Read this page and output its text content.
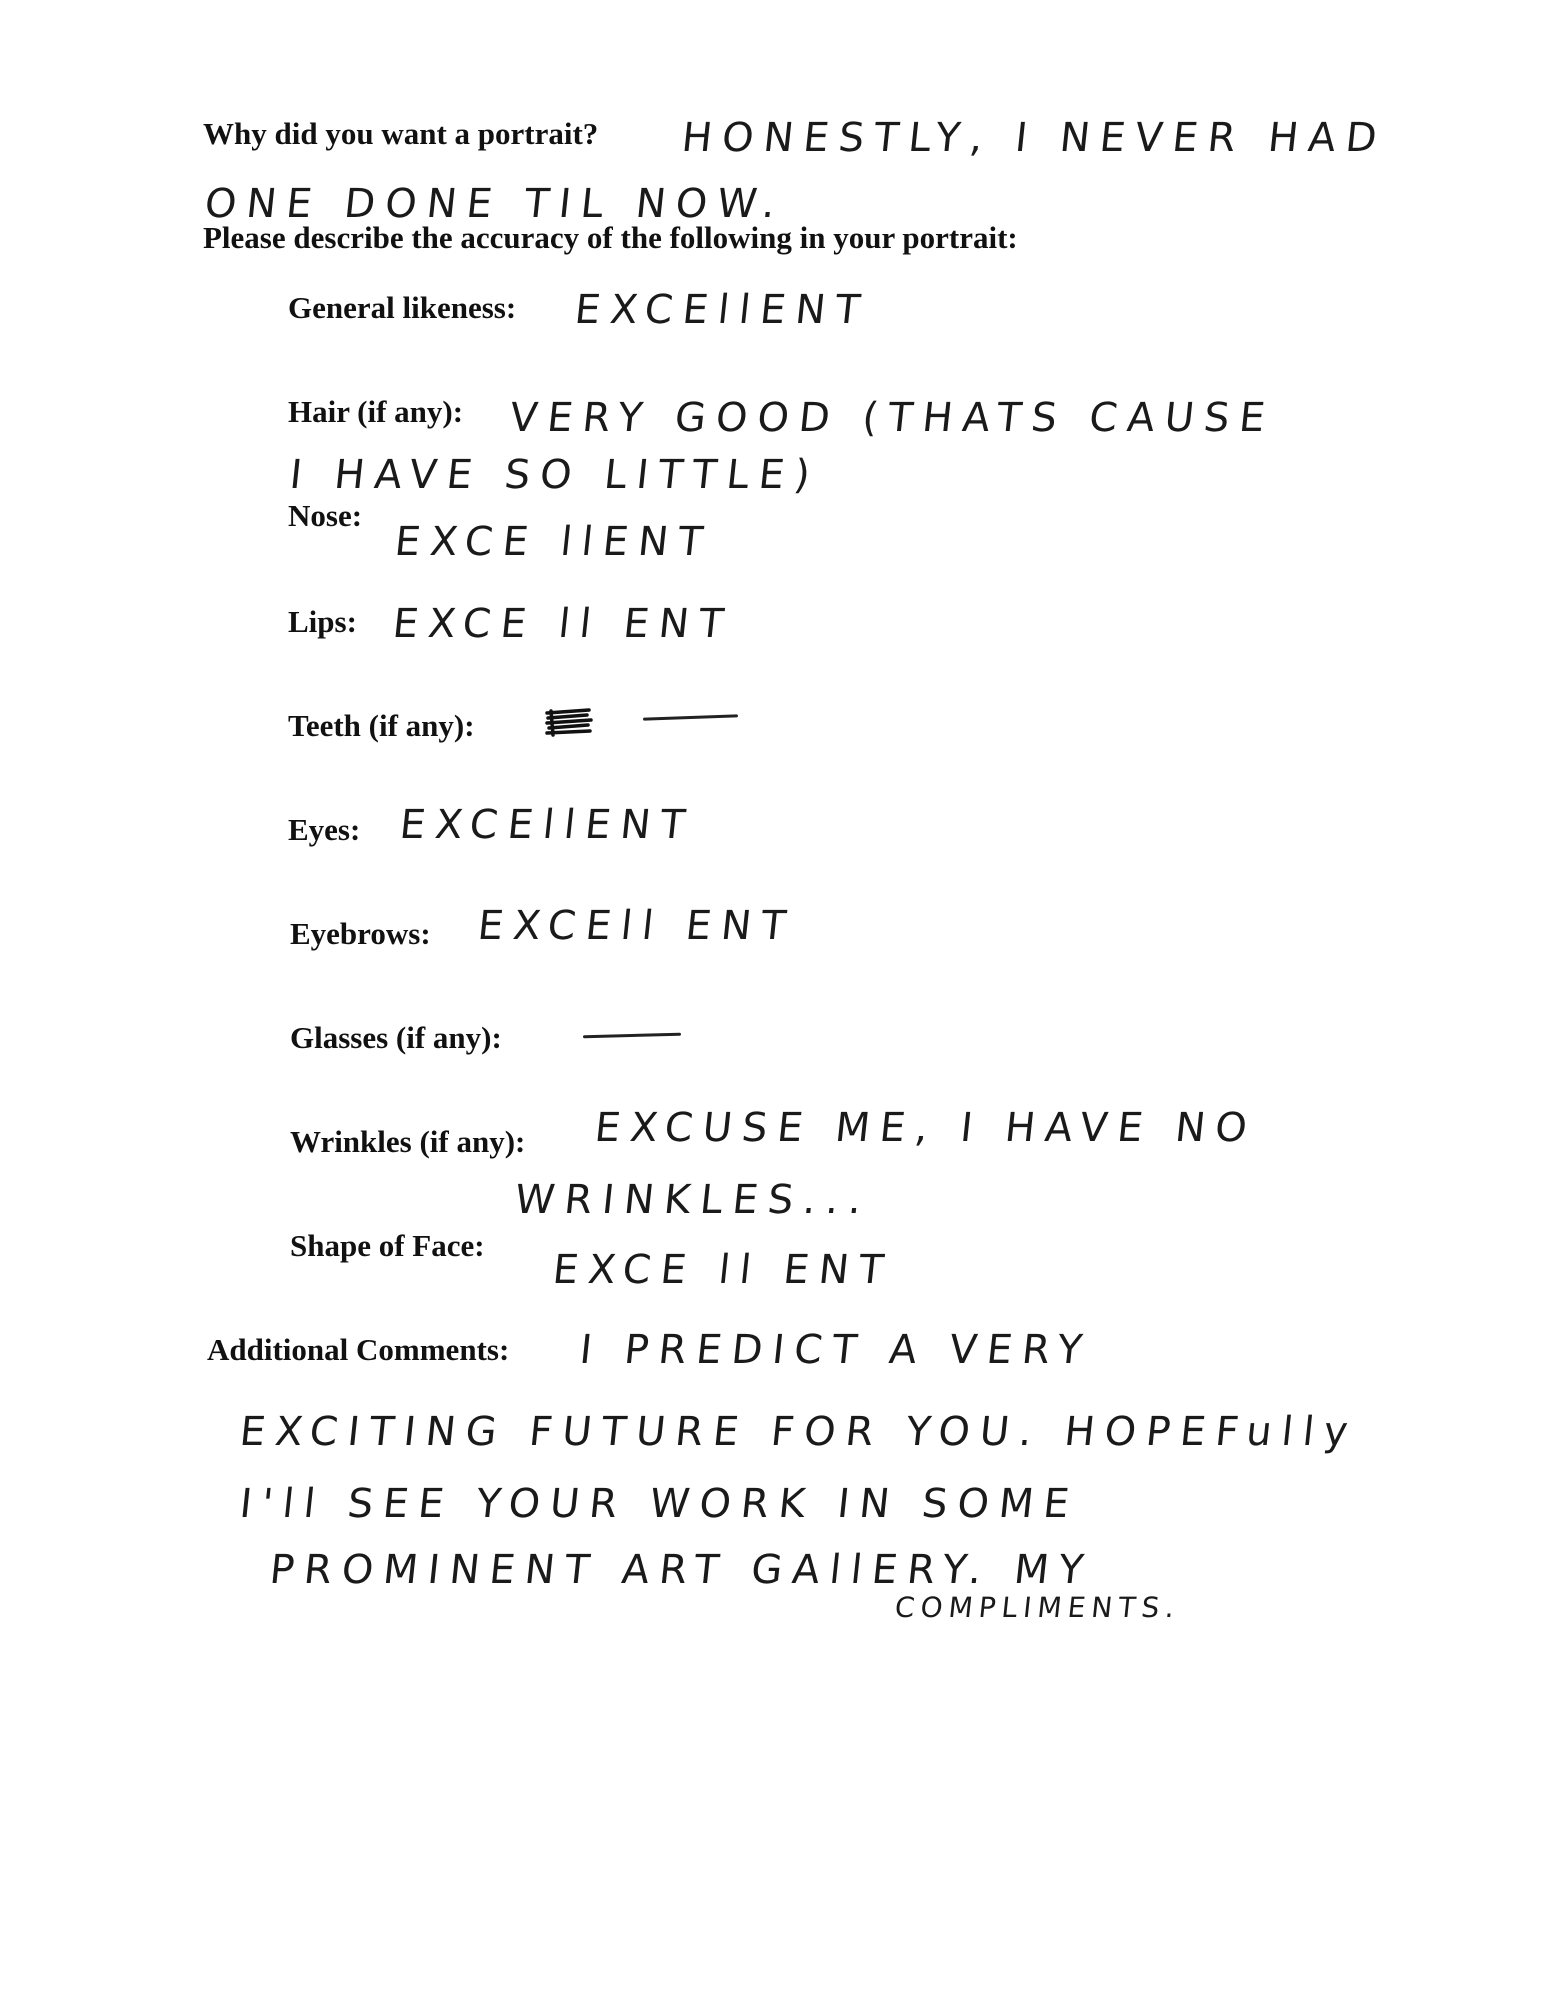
Why did you want a portrait? HONESTLY, I NEVER HAD
ONE DONE TIL NOW.
Please describe the accuracy of the following in your portrait:
General likeness: EXCEllENT
Hair (if any): VERY GOOD (THATS CAUSE
I HAVE SO LITTLE)
Nose:
EXCE llENT
Lips: EXCE ll ENT
Teeth (if any):
Eyes: EXCEllENT
Eyebrows: EXCEll ENT
Glasses (if any):
Wrinkles (if any): EXCUSE ME, I HAVE NO
WRINKLES...
Shape of Face:
EXCE ll ENT
Additional Comments: I PREDICT A VERY
EXCITING FUTURE FOR YOU. HOPEFully
I'll SEE YOUR WORK IN SOME
PROMINENT ART GAllERY. MY
COMPLIMENTS.
